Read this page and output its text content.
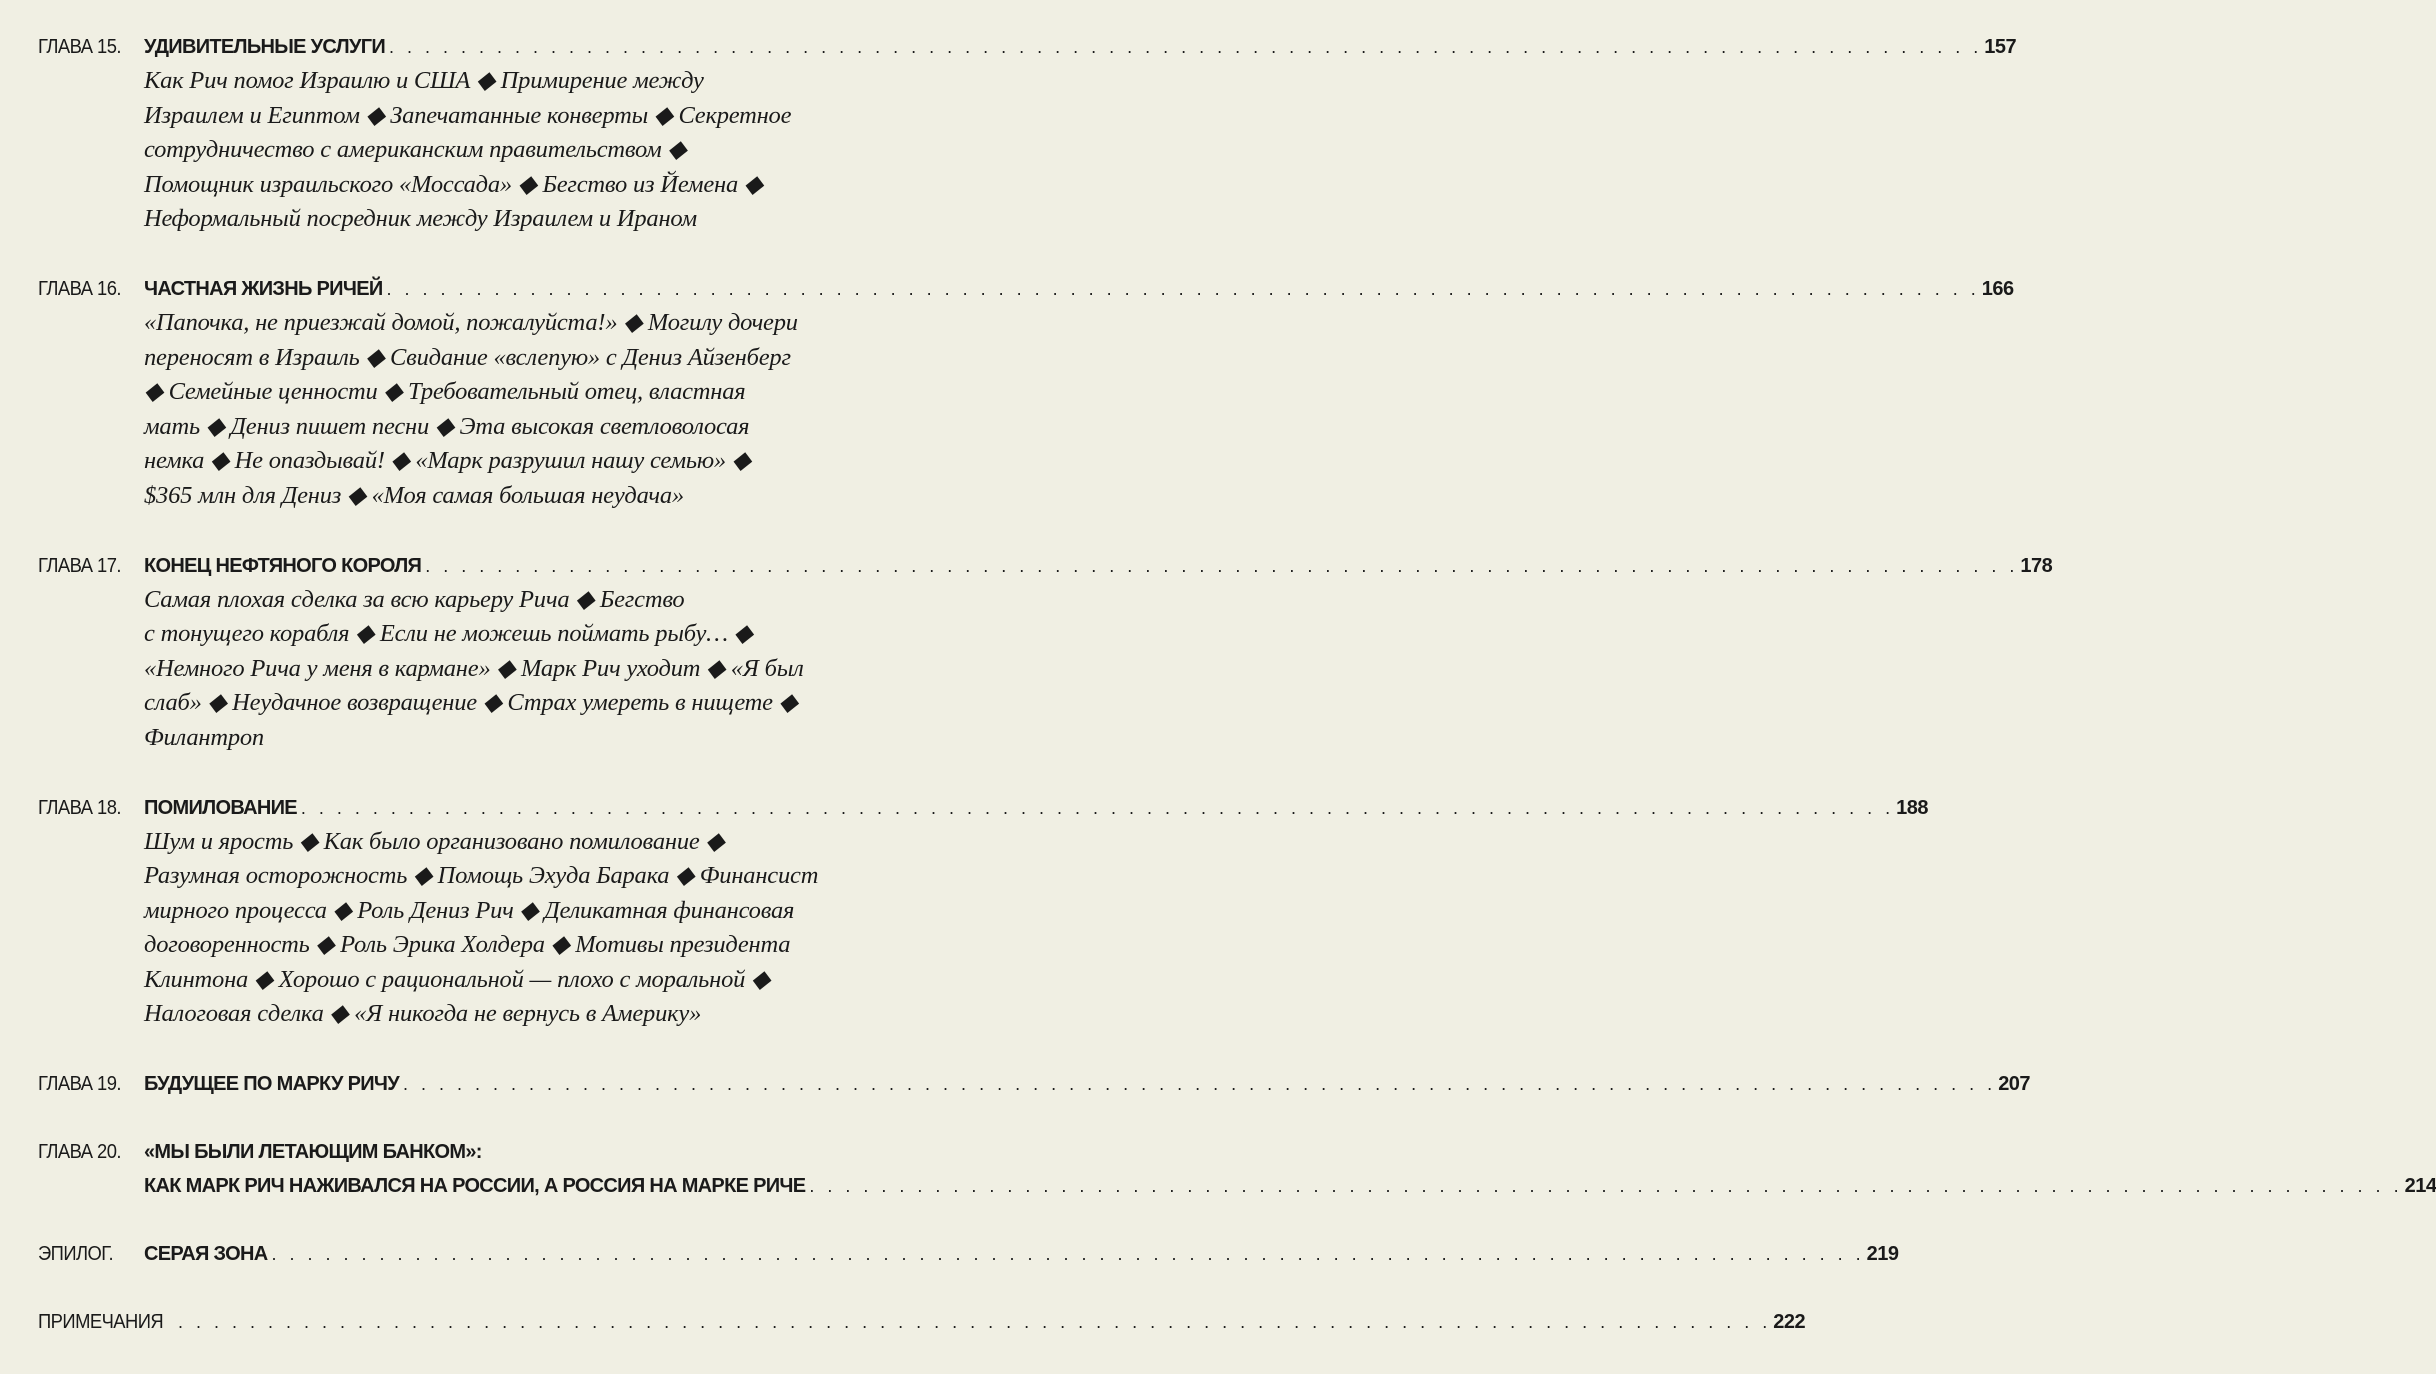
ГЛАВА 15.	УДИВИТЕЛЬНЫЕ УСЛУГИ . . . . . . . . . . . . . . . . . . . . . . . . . . . . . . . . . . . . . . . . . . . . . . . . . . . . . . . . . . . . . . . . . . . . . . . . . . . . . . . . . . . . . . . . . 157
Как Рич помог Израилю и США ◆ Примирение между
Израилем и Египтом ◆ Запечатанные конверты ◆ Секретное
сотрудничество с американским правительством ◆
Помощник израильского «Моссада» ◆ Бегство из Йемена ◆
Неформальный посредник между Израилем и Ираном
ГЛАВА 16.	ЧАСТНАЯ ЖИЗНЬ РИЧЕЙ . . . . . . . . . . . . . . . . . . . . . . . . . . . . . . . . . . . . . . . . . . . . . . . . . . . . . . . . . . . . . . . . . . . . . . . . . . . . . . . . . . . . . . . . . 166
«Папочка, не приезжай домой, пожалуйста!» ◆ Могилу дочери
переносят в Израиль ◆ Свидание «вслепую» с Дениз Айзенберг
◆ Семейные ценности ◆ Требовательный отец, властная
мать ◆ Дениз пишет песни ◆ Эта высокая светловолосая
немка ◆ Не опаздывай! ◆ «Марк разрушил нашу семью» ◆
$365 млн для Дениз ◆ «Моя самая большая неудача»
ГЛАВА 17.	КОНЕЦ НЕФТЯНОГО КОРОЛЯ . . . . . . . . . . . . . . . . . . . . . . . . . . . . . . . . . . . . . . . . . . . . . . . . . . . . . . . . . . . . . . . . . . . . . . . . . . . . . . . . . . . . . . . . . 178
Самая плохая сделка за всю карьеру Рича ◆ Бегство
с тонущего корабля ◆ Если не можешь поймать рыбу… ◆
«Немного Рича у меня в кармане» ◆ Марк Рич уходит ◆ «Я был
слаб» ◆ Неудачное возвращение ◆ Страх умереть в нищете ◆
Филантроп
ГЛАВА 18.	ПОМИЛОВАНИЕ . . . . . . . . . . . . . . . . . . . . . . . . . . . . . . . . . . . . . . . . . . . . . . . . . . . . . . . . . . . . . . . . . . . . . . . . . . . . . . . . . . . . . . . . . 188
Шум и ярость ◆ Как было организовано помилование ◆
Разумная осторожность ◆ Помощь Эхуда Барака ◆ Финансист
мирного процесса ◆ Роль Дениз Рич ◆ Деликатная финансовая
договоренность ◆ Роль Эрика Холдера ◆ Мотивы президента
Клинтона ◆ Хорошо с рациональной — плохо с моральной ◆
Налоговая сделка ◆ «Я никогда не вернусь в Америку»
ГЛАВА 19.	БУДУЩЕЕ ПО МАРКУ РИЧУ . . . . . . . . . . . . . . . . . . . . . . . . . . . . . . . . . . . . . . . . . . . . . . . . . . . . . . . . . . . . . . . . . . . . . . . . . . . . . . . . . . . . . . . . . 207
ГЛАВА 20.	«МЫ БЫЛИ ЛЕТАЮЩИМ БАНКОМ»:
КАК МАРК РИЧ НАЖИВАЛСЯ НА РОССИИ, А РОССИЯ НА МАРКЕ РИЧЕ . . . . . . . . . . . . . . . . . . . . . . . . . . . . . . . . . . . . . . . . . . . . . . . . . . . . . . . . . . . . . . . . . . . . . . . . . . . . . . . . . . . . . . . . . 214
ЭПИЛОГ.	СЕРАЯ ЗОНА . . . . . . . . . . . . . . . . . . . . . . . . . . . . . . . . . . . . . . . . . . . . . . . . . . . . . . . . . . . . . . . . . . . . . . . . . . . . . . . . . . . . . . . . . 219
ПРИМЕЧАНИЯ . . . . . . . . . . . . . . . . . . . . . . . . . . . . . . . . . . . . . . . . . . . . . . . . . . . . . . . . . . . . . . . . . . . . . . . . . . . . . . . . . . . . . . . . . 222
